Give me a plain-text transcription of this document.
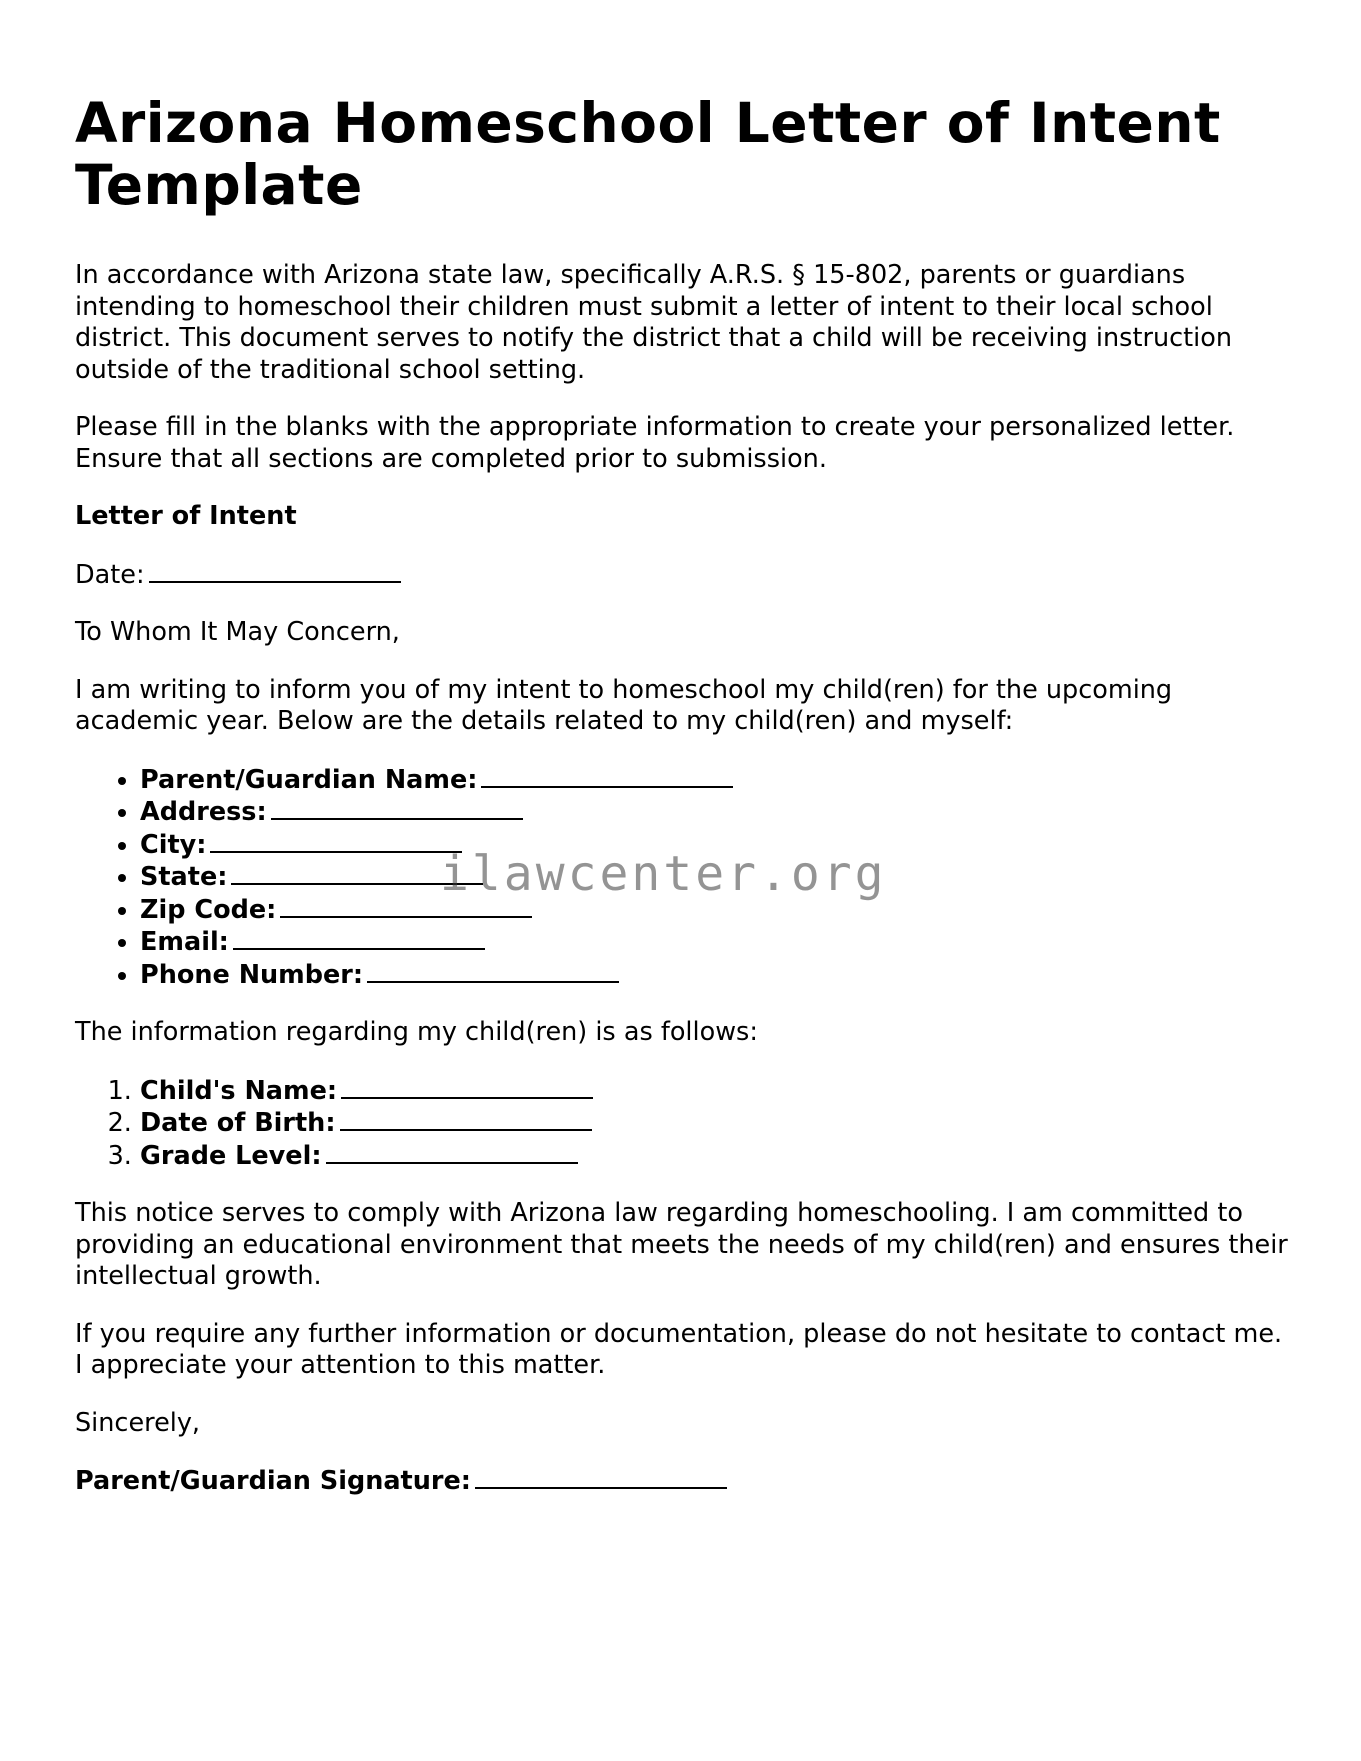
Arizona Homeschool Letter of Intent Template

In accordance with Arizona state law, specifically A.R.S. § 15-802, parents or guardians intending to homeschool their children must submit a letter of intent to their local school district. This document serves to notify the district that a child will be receiving instruction outside of the traditional school setting.

Please fill in the blanks with the appropriate information to create your personalized letter. Ensure that all sections are completed prior to submission.

Letter of Intent

Date:

To Whom It May Concern,

I am writing to inform you of my intent to homeschool my child(ren) for the upcoming academic year. Below are the details related to my child(ren) and myself:

• Parent/Guardian Name:
• Address:
• City:
• State:
• Zip Code:
• Email:
• Phone Number:

The information regarding my child(ren) is as follows:

1. Child's Name:
2. Date of Birth:
3. Grade Level:

This notice serves to comply with Arizona law regarding homeschooling. I am committed to providing an educational environment that meets the needs of my child(ren) and ensures their intellectual growth.

If you require any further information or documentation, please do not hesitate to contact me. I appreciate your attention to this matter.

Sincerely,

Parent/Guardian Signature:

ilawcenter.org
